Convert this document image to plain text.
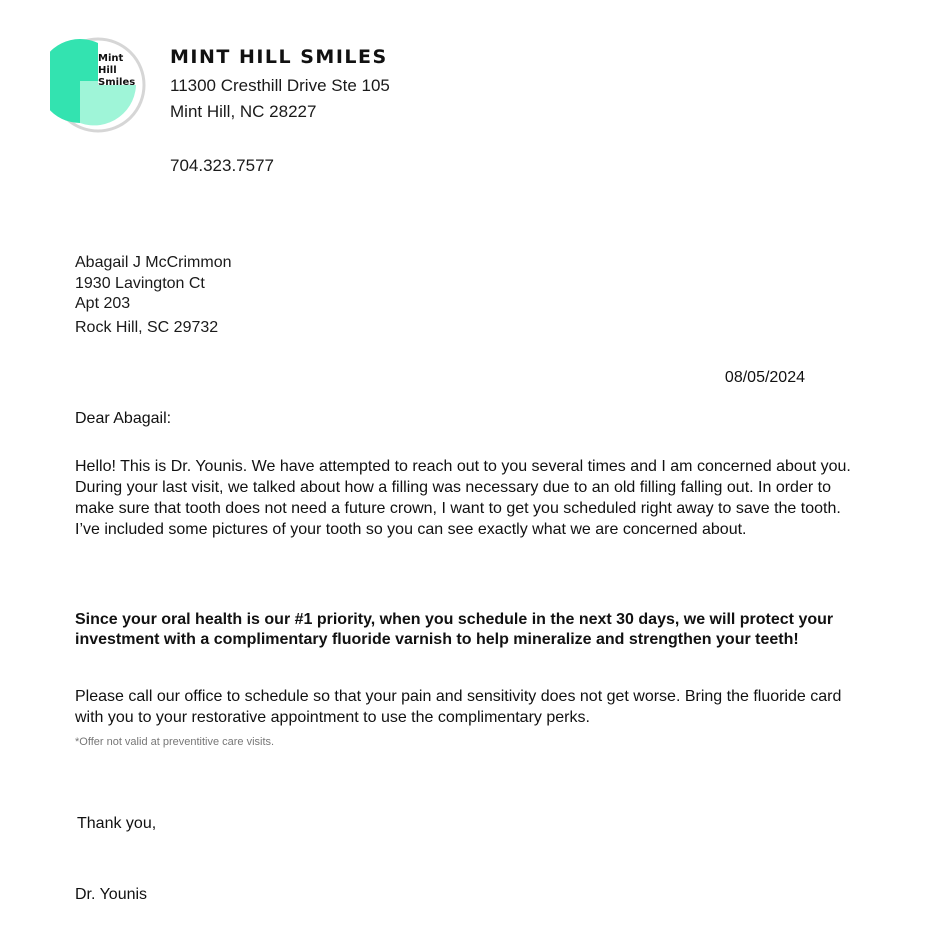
Mint
Hill
Smiles
MINT HILL SMILES
11300 Cresthill Drive Ste 105
Mint Hill, NC 28227
704.323.7577
Abagail J McCrimmon
1930 Lavington Ct
Apt 203
Rock Hill, SC 29732
08/05/2024
Dear Abagail:
Hello! This is Dr. Younis. We have attempted to reach out to you several times and I am concerned about you. During your last visit, we talked about how a filling was necessary due to an old filling falling out. In order to make sure that tooth does not need a future crown, I want to get you scheduled right away to save the tooth. I’ve included some pictures of your tooth so you can see exactly what we are concerned about.
Since your oral health is our #1 priority, when you schedule in the next 30 days, we will protect your investment with a complimentary fluoride varnish to help mineralize and strengthen your teeth!
Please call our office to schedule so that your pain and sensitivity does not get worse. Bring the fluoride card with you to your restorative appointment to use the complimentary perks.
*Offer not valid at preventitive care visits.
Thank you,
Dr. Younis
